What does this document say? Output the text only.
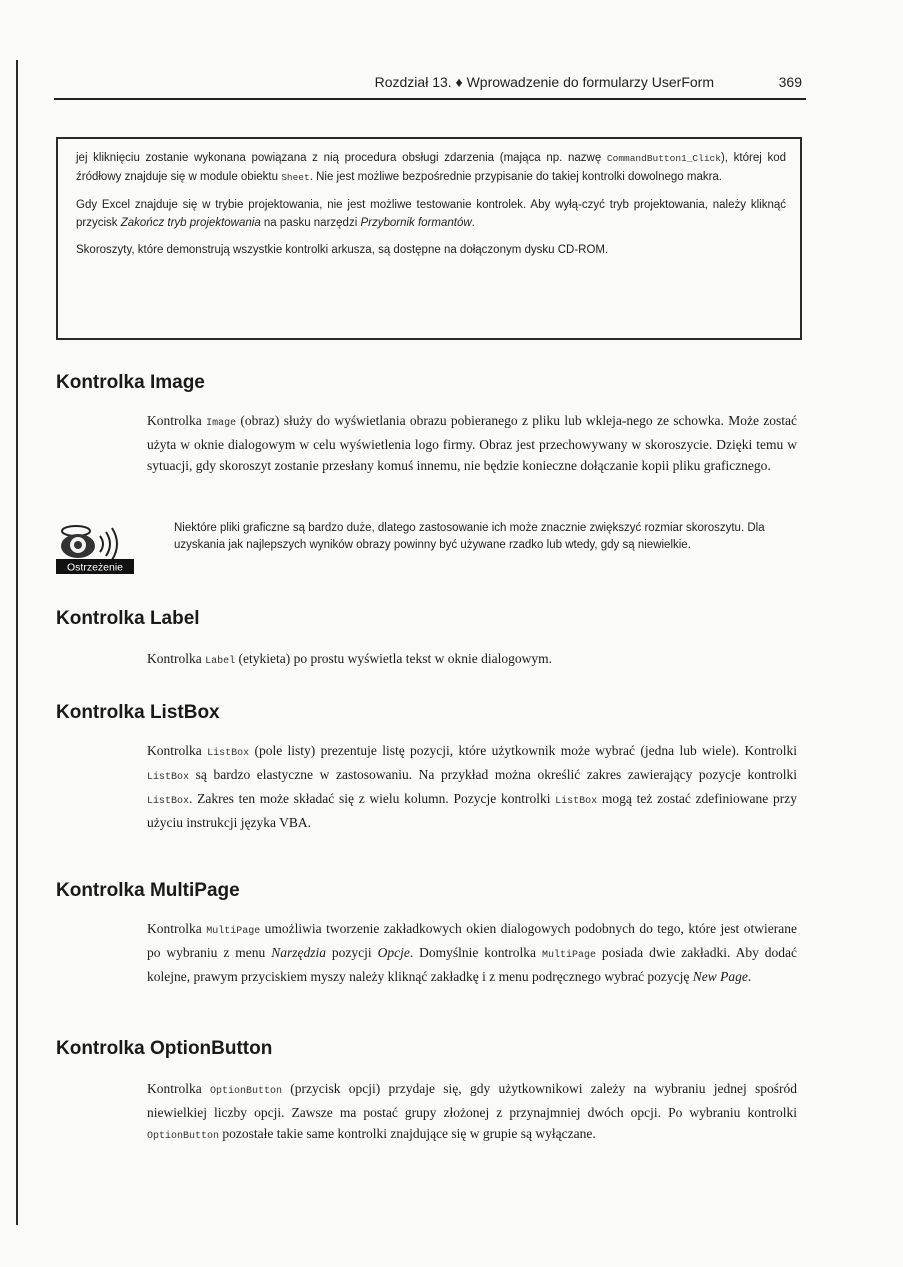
Rozdział 13. ♦ Wprowadzenie do formularzy UserForm	369

jej kliknięciu zostanie wykonana powiązana z nią procedura obsługi zdarzenia (mająca np. nazwę CommandButton1_Click), której kod źródłowy znajduje się w module obiektu Sheet. Nie jest możliwe bezpośrednie przypisanie do takiej kontrolki dowolnego makra.

Gdy Excel znajduje się w trybie projektowania, nie jest możliwe testowanie kontrolek. Aby wyłą-czyć tryb projektowania, należy kliknąć przycisk Zakończ tryb projektowania na pasku narzędzi Przybornik formantów.

Skoroszyty, które demonstrują wszystkie kontrolki arkusza, są dostępne na dołączonym dysku CD-ROM.

Kontrolka Image

Kontrolka Image (obraz) służy do wyświetlania obrazu pobieranego z pliku lub wkleja-nego ze schowka. Może zostać użyta w oknie dialogowym w celu wyświetlenia logo firmy. Obraz jest przechowywany w skoroszycie. Dzięki temu w sytuacji, gdy skoroszyt zostanie przesłany komuś innemu, nie będzie konieczne dołączanie kopii pliku graficznego.

Ostrzeżenie
Niektóre pliki graficzne są bardzo duże, dlatego zastosowanie ich może znacznie zwiększyć rozmiar skoroszytu. Dla uzyskania jak najlepszych wyników obrazy powinny być używane rzadko lub wtedy, gdy są niewielkie.
Kontrolka Label

Kontrolka Label (etykieta) po prostu wyświetla tekst w oknie dialogowym.

Kontrolka ListBox

Kontrolka ListBox (pole listy) prezentuje listę pozycji, które użytkownik może wybrać (jedna lub wiele). Kontrolki ListBox są bardzo elastyczne w zastosowaniu. Na przykład można określić zakres zawierający pozycje kontrolki ListBox. Zakres ten może składać się z wielu kolumn. Pozycje kontrolki ListBox mogą też zostać zdefiniowane przy użyciu instrukcji języka VBA.

Kontrolka MultiPage

Kontrolka MultiPage umożliwia tworzenie zakładkowych okien dialogowych podobnych do tego, które jest otwierane po wybraniu z menu Narzędzia pozycji Opcje. Domyślnie kontrolka MultiPage posiada dwie zakładki. Aby dodać kolejne, prawym przyciskiem myszy należy kliknąć zakładkę i z menu podręcznego wybrać pozycję New Page.

Kontrolka OptionButton

Kontrolka OptionButton (przycisk opcji) przydaje się, gdy użytkownikowi zależy na wybraniu jednej spośród niewielkiej liczby opcji. Zawsze ma postać grupy złożonej z przynajmniej dwóch opcji. Po wybraniu kontrolki OptionButton pozostałe takie same kontrolki znajdujące się w grupie są wyłączane.
